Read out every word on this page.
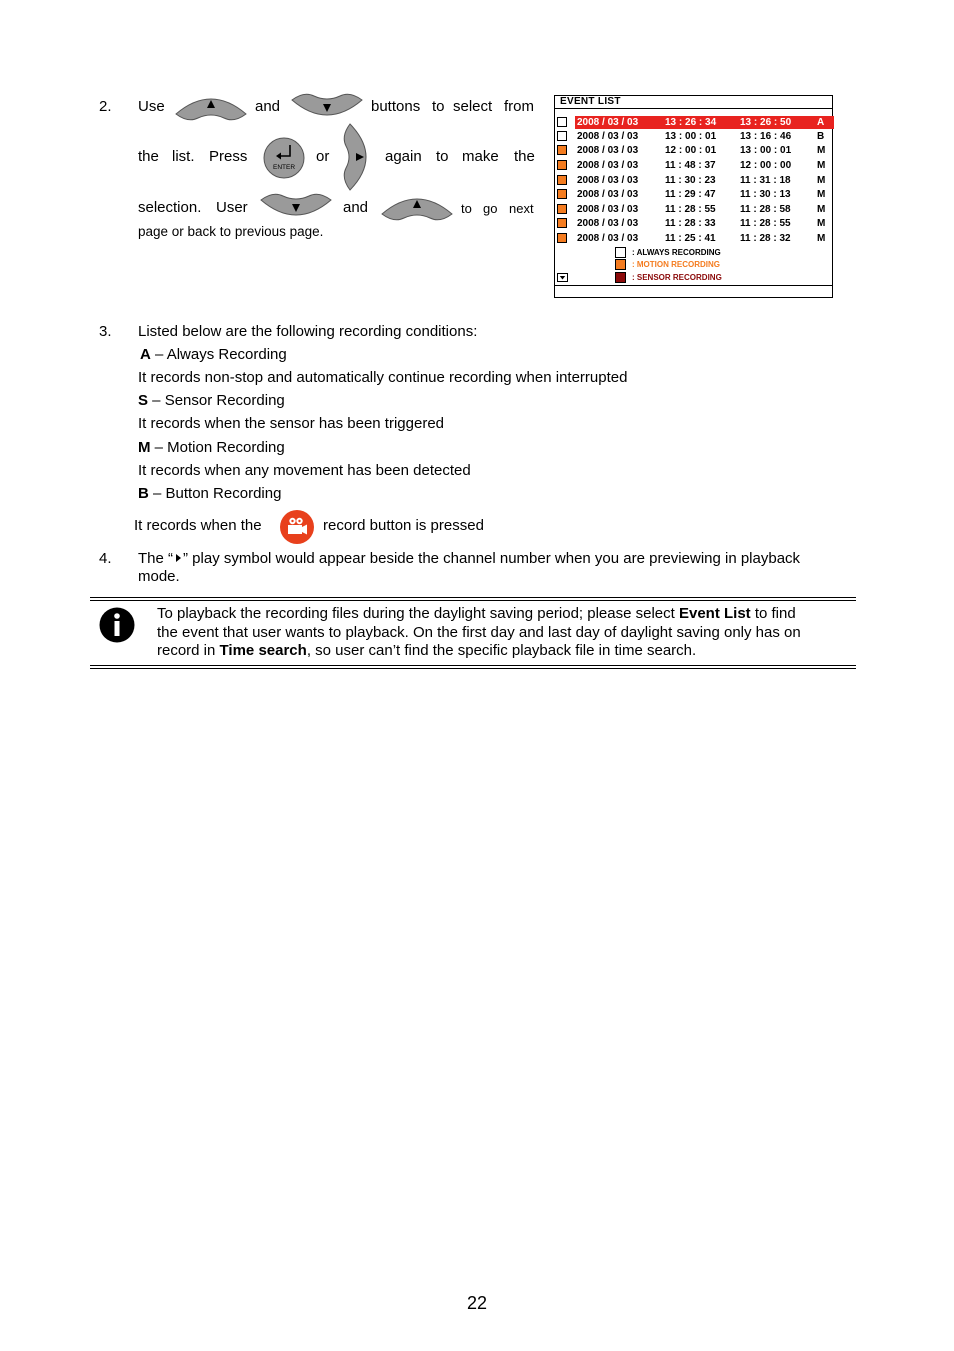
2. Use	and	buttons to select from
the list. Press
ENTER
or	again to make the
selection. User	and	to go next
page or back to previous page.
EVENT LIST
2008 / 03 / 03	13 : 26 : 34 13 : 26 : 50	A
2008 / 03 / 03	13 : 00 : 01 13 : 16 : 46	B
2008 / 03 / 03	12 : 00 : 01 13 : 00 : 01	M
2008 / 03 / 03	11 : 48 : 37 12 : 00 : 00	M
2008 / 03 / 03	11 : 30 : 23 11 : 31 : 18	M
2008 / 03 / 03	11 : 29 : 47 11 : 30 : 13	M
2008 / 03 / 03	11 : 28 : 55 11 : 28 : 58	M
2008 / 03 / 03	11 : 28 : 33 11 : 28 : 55	M
2008 / 03 / 03	11 : 25 : 41 11 : 28 : 32	M
: ALWAYS RECORDING
: MOTION RECORDING
: SENSOR RECORDING
3. Listed below are the following recording conditions:
A – Always Recording
It records non-stop and automatically continue recording when interrupted
S – Sensor Recording
It records when the sensor has been triggered
M – Motion Recording
It records when any movement has been detected
B – Button Recording
It records when the	record button is pressed
4. The “ ” play symbol would appear beside the channel number when you are previewing in playback
mode.
To playback the recording files during the daylight saving period; please select Event List to find
the event that user wants to playback. On the first day and last day of daylight saving only has on
record in Time search, so user can’t find the specific playback file in time search.
22
